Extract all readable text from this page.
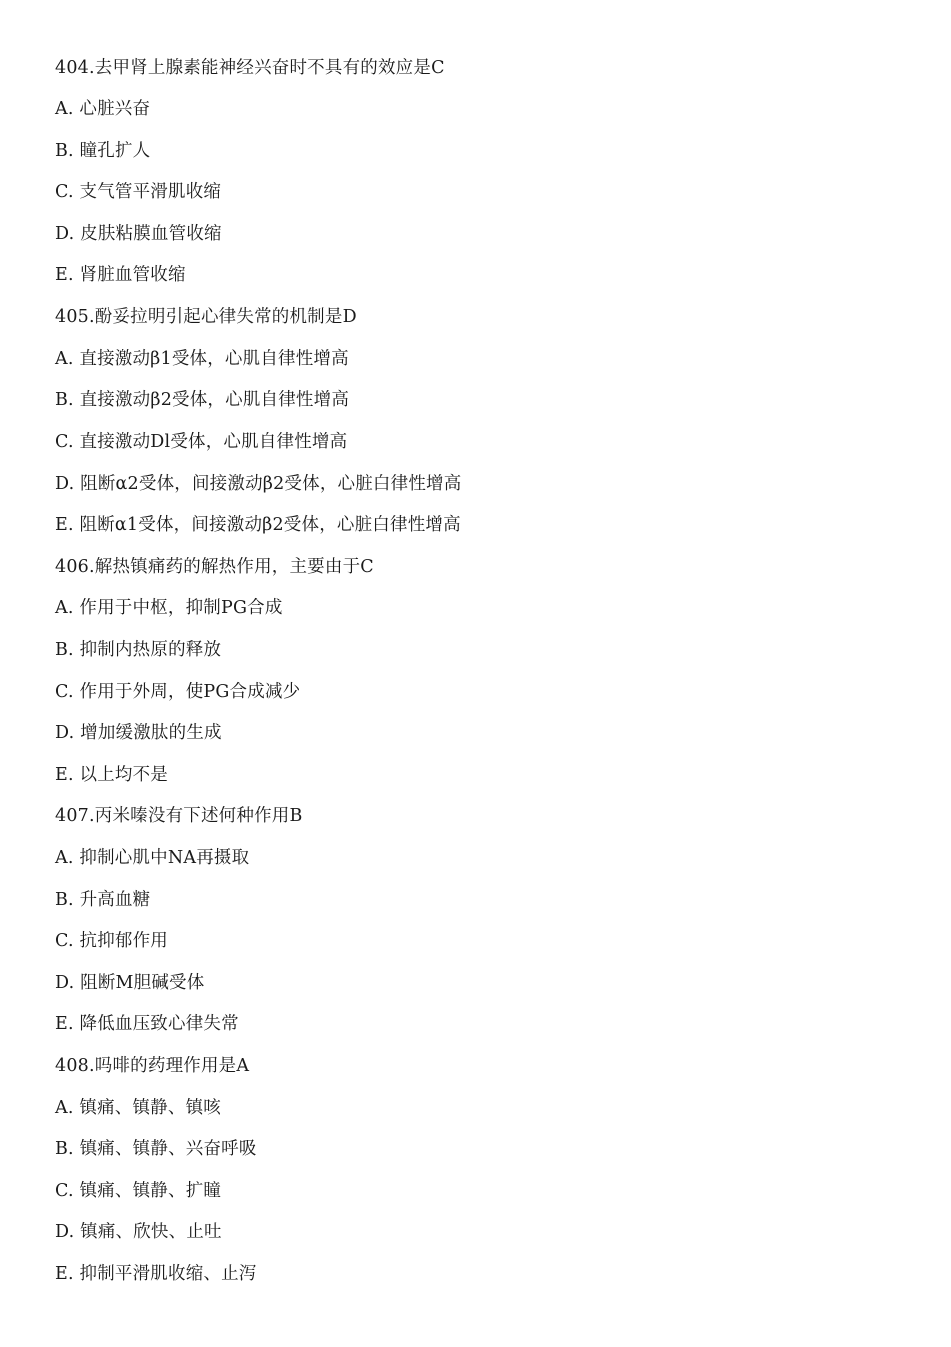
404.去甲肾上腺素能神经兴奋时不具有的效应是C
A. 心脏兴奋
B. 瞳孔扩人
C. 支气管平滑肌收缩
D. 皮肤粘膜血管收缩
E. 肾脏血管收缩
405.酚妥拉明引起心律失常的机制是D
A. 直接激动β1受体，心肌自律性增高
B. 直接激动β2受体，心肌自律性增高
C. 直接激动Dl受体，心肌自律性增高
D. 阻断α2受体，间接激动β2受体，心脏白律性增高
E. 阻断α1受体，间接激动β2受体，心脏白律性增高
406.解热镇痛药的解热作用，主要由于C
A. 作用于中枢，抑制PG合成
B. 抑制内热原的释放
C. 作用于外周，使PG合成减少
D. 增加缓激肽的生成
E. 以上均不是
407.丙米嗪没有下述何种作用B
A. 抑制心肌中NA再摄取
B. 升高血糖
C. 抗抑郁作用
D. 阻断M胆碱受体
E. 降低血压致心律失常
408.吗啡的药理作用是A
A. 镇痛、镇静、镇咳
B. 镇痛、镇静、兴奋呼吸
C. 镇痛、镇静、扩瞳
D. 镇痛、欣快、止吐
E. 抑制平滑肌收缩、止泻
